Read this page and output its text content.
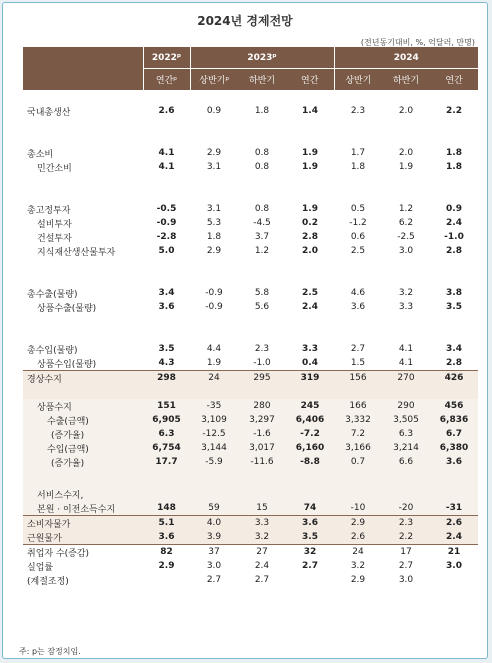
2024년 경제전망
(전년동기대비, %, 억달러, 만명)
	2022ᵖ	2023ᵖ			2024		
	연간ᵖ	상반기ᵖ	하반기	연간	상반기	하반기	연간

국내총생산	2.6	0.9	1.8	1.4	2.3	2.0	2.2

총소비	4.1	2.9	0.8	1.9	1.7	2.0	1.8
민간소비	4.1	3.1	0.8	1.9	1.8	1.9	1.8

총고정투자	-0.5	3.1	0.8	1.9	0.5	1.2	0.9
설비투자	-0.9	5.3	-4.5	0.2	-1.2	6.2	2.4
건설투자	-2.8	1.8	3.7	2.8	0.6	-2.5	-1.0
지식재산생산물투자	5.0	2.9	1.2	2.0	2.5	3.0	2.8

총수출(물량)	3.4	-0.9	5.8	2.5	4.6	3.2	3.8
상품수출(물량)	3.6	-0.9	5.6	2.4	3.6	3.3	3.5

총수입(물량)	3.5	4.4	2.3	3.3	2.7	4.1	3.4
상품수입(물량)	4.3	1.9	-1.0	0.4	1.5	4.1	2.8
경상수지	298	24	295	319	156	270	426

상품수지	151	-35	280	245	166	290	456
수출(금액)	6,905	3,109	3,297	6,406	3,332	3,505	6,836
(증가율)	6.3	-12.5	-1.6	-7.2	7.2	6.3	6.7
수입(금액)	6,754	3,144	3,017	6,160	3,166	3,214	6,380
(증가율)	17.7	-5.9	-11.6	-8.8	0.7	6.6	3.6

서비스수지,							
본원 · 이전소득수지	148	59	15	74	-10	-20	-31
소비자물가	5.1	4.0	3.3	3.6	2.9	2.3	2.6
근원물가	3.6	3.9	3.2	3.5	2.6	2.2	2.4
취업자 수(증감)	82	37	27	32	24	17	21
실업률	2.9	3.0	2.4	2.7	3.2	2.7	3.0
(계절조정)		2.7	2.7		2.9	3.0	
주: p는 잠정치임.
